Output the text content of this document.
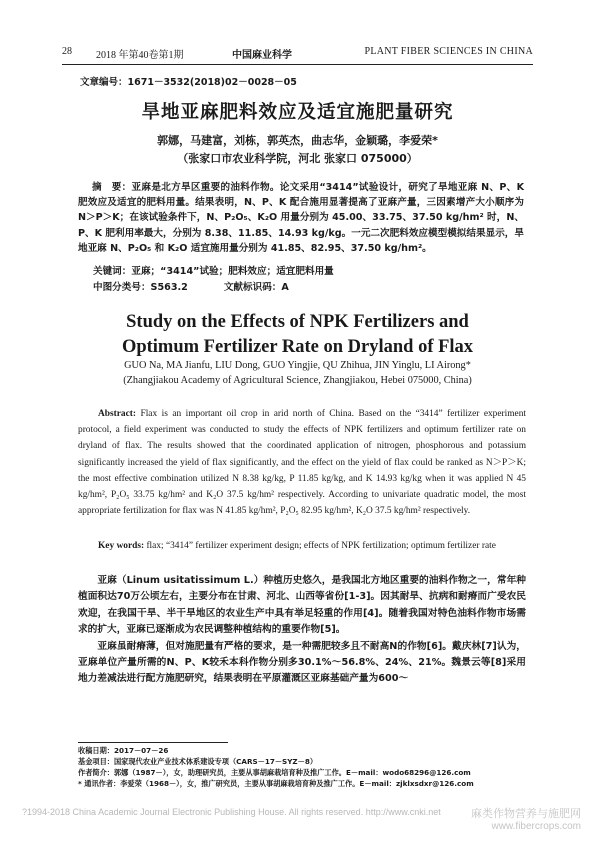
28 2018 年第40卷第1期	中国麻业科学	PLANT FIBER SCIENCES IN CHINA
文章编号：1671－3532(2018)02－0028－05
旱地亚麻肥料效应及适宜施肥量研究
郭娜，马建富，刘栋，郭英杰，曲志华，金颖璐，李爱荣*
（张家口市农业科学院，河北 张家口 075000）

摘　要：亚麻是北方旱区重要的油料作物。论文采用“3414”试验设计，研究了旱地亚麻 N、P、K 肥效应及适宜的肥料用量。结果表明，N、P、K 配合施用显著提高了亚麻产量，三因素增产大小顺序为 N＞P＞K；在该试验条件下，N、P₂O₅、K₂O 用量分别为 45.00、33.75、37.50 kg/hm² 时，N、P、K 肥利用率最大，分别为 8.38、11.85、14.93 kg/kg。一元二次肥料效应模型模拟结果显示，旱地亚麻 N、P₂O₅ 和 K₂O 适宜施用量分别为 41.85、82.95、37.50 kg/hm²。

关键词：亚麻；“3414”试验；肥料效应；适宜肥料用量
中图分类号：S563.2	文献标识码：A
Study on the Effects of NPK Fertilizers and Optimum Fertilizer Rate on Dryland of Flax
GUO Na, MA Jianfu, LIU Dong, GUO Yingjie, QU Zhihua, JIN Yinglu, LI Airong*
(Zhangjiakou Academy of Agricultural Science, Zhangjiakou, Hebei 075000, China)
Abstract: Flax is an important oil crop in arid north of China. Based on the “3414” fertilizer experiment protocol, a field experiment was conducted to study the effects of NPK fertilizers and optimum fertilizer rate on dryland of flax. The results showed that the coordinated application of nitrogen, phosphorous and potassium significantly increased the yield of flax significantly, and the effect on the yield of flax could be ranked as N＞P＞K; the most effective combination utilized N 8.38 kg/kg, P 11.85 kg/kg, and K 14.93 kg/kg when it was applied N 45 kg/hm², P₂O₅ 33.75 kg/hm² and K₂O 37.5 kg/hm² respectively. According to univariate quadratic model, the most appropriate fertilization for flax was N 41.85 kg/hm², P₂O₅ 82.95 kg/hm², K₂O 37.5 kg/hm² respectively.
Key words: flax; “3414” fertilizer experiment design; effects of NPK fertilization; optimum fertilizer rate

亚麻（Linum usitatissimum L.）种植历史悠久，是我国北方地区重要的油料作物之一，常年种植面积达70万公顷左右，主要分布在甘肃、河北、山西等省份[1-3]。因其耐旱、抗病和耐瘠而广受农民欢迎，在我国干旱、半干旱地区的农业生产中具有举足轻重的作用[4]。随着我国对特色油料作物市场需求的扩大，亚麻已逐渐成为农民调整种植结构的重要作物[5]。

亚麻虽耐瘠薄，但对施肥量有严格的要求，是一种需肥较多且不耐高N的作物[6]。戴庆林[7]认为，亚麻单位产量所需的N、P、K较禾本科作物分别多30.1%～56.8%、24%、21%。魏景云等[8]采用地力差减法进行配方施肥研究，结果表明在平原灌溉区亚麻基础产量为600～

收稿日期：2017－07－26
基金项目：国家现代农业产业技术体系建设专项（CARS－17－SYZ－8）
作者简介：郭娜（1987－），女，助理研究员，主要从事胡麻栽培育种及推广工作。E－mail：wodo68296@126.com
* 通讯作者：李爱荣（1968－），女，推广研究员，主要从事胡麻栽培育种及推广工作。E－mail：zjklxsdxr@126.com
?1994-2018 China Academic Journal Electronic Publishing House. All rights reserved. http://www.cnki.net	麻类作物营养与施肥网
www.fibercrops.com
